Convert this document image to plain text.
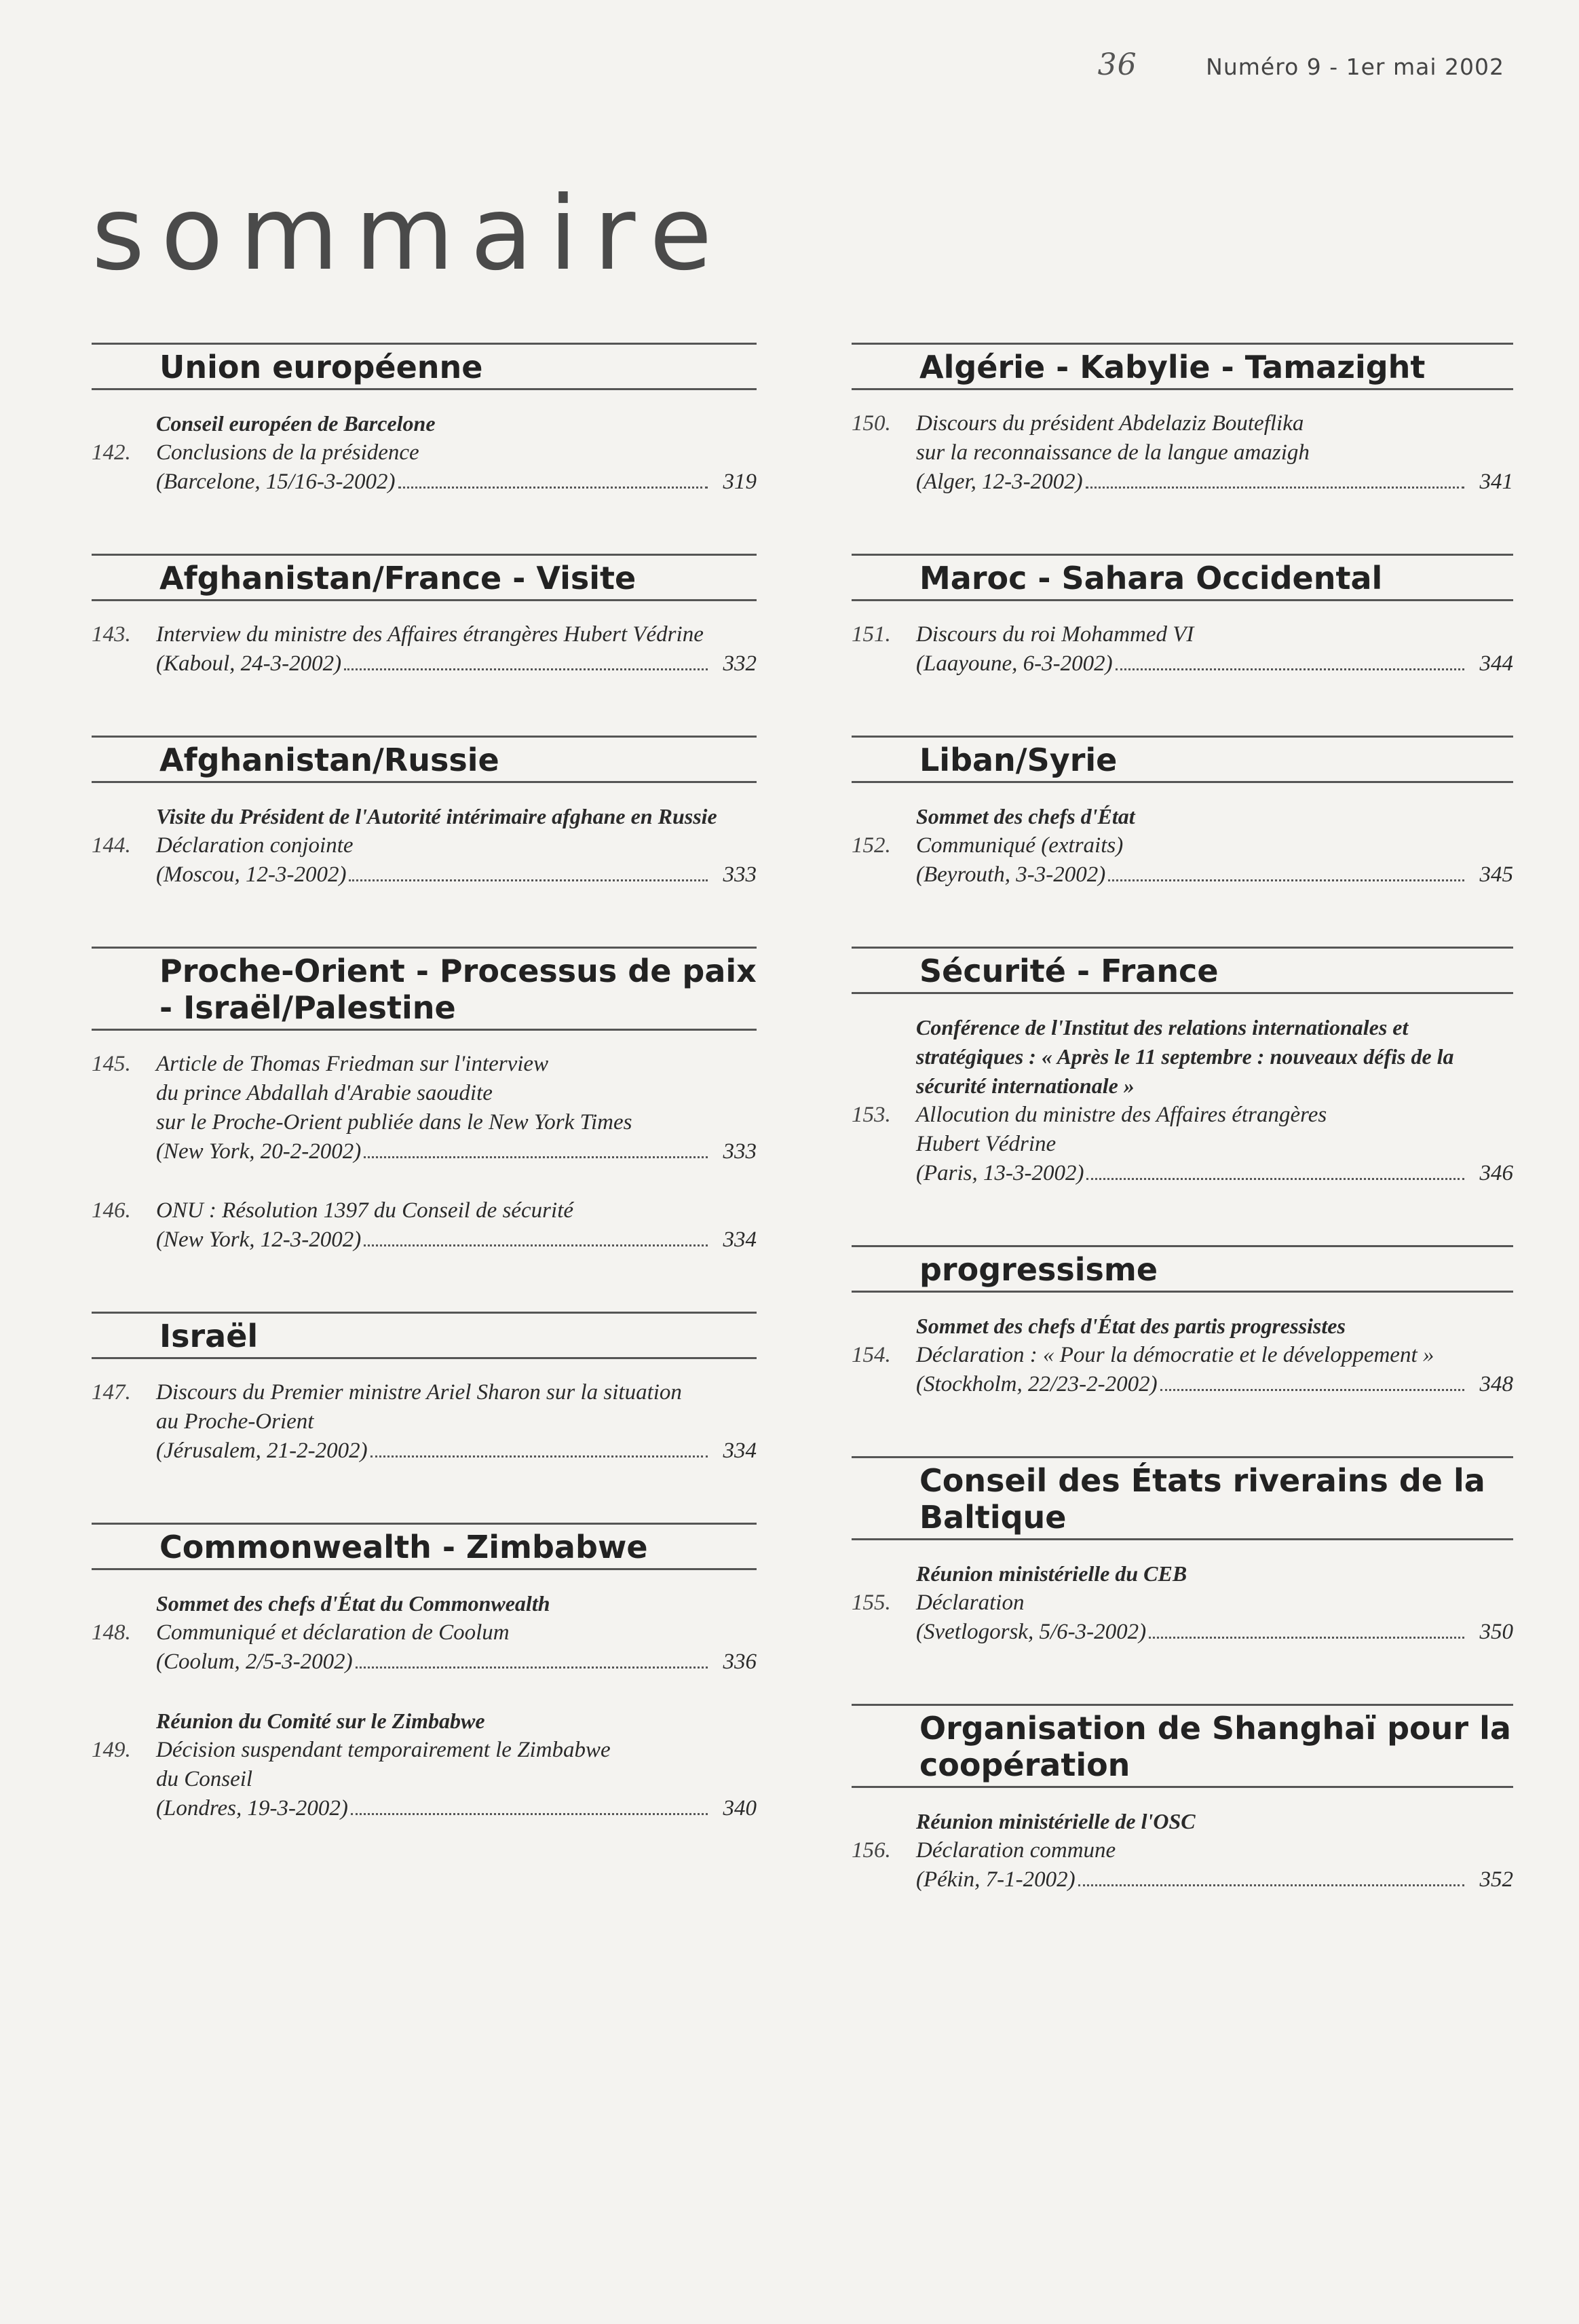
36	Numéro 9 - 1er mai 2002
sommaire
Union européenne
Conseil européen de Barcelone
142.	Conclusions de la présidence
(Barcelone, 15/16-3-2002)	319
Afghanistan/France - Visite
143.	Interview du ministre des Affaires étrangères Hubert Védrine
(Kaboul, 24-3-2002)	332
Afghanistan/Russie
Visite du Président de l'Autorité intérimaire afghane en Russie
144.	Déclaration conjointe
(Moscou, 12-3-2002)	333
Proche-Orient - Processus de paix - Israël/Palestine
145.	Article de Thomas Friedman sur l'interview
du prince Abdallah d'Arabie saoudite
sur le Proche-Orient publiée dans le New York Times
(New York, 20-2-2002)	333
146.	ONU : Résolution 1397 du Conseil de sécurité
(New York, 12-3-2002)	334
Israël
147.	Discours du Premier ministre Ariel Sharon sur la situation
au Proche-Orient
(Jérusalem, 21-2-2002)	334
Commonwealth - Zimbabwe
Sommet des chefs d'État du Commonwealth
148.	Communiqué et déclaration de Coolum
(Coolum, 2/5-3-2002)	336
Réunion du Comité sur le Zimbabwe
149.	Décision suspendant temporairement le Zimbabwe
du Conseil
(Londres, 19-3-2002)	340
Algérie - Kabylie - Tamazight
150.	Discours du président Abdelaziz Bouteflika
sur la reconnaissance de la langue amazigh
(Alger, 12-3-2002)	341
Maroc - Sahara Occidental
151.	Discours du roi Mohammed VI
(Laayoune, 6-3-2002)	344
Liban/Syrie
Sommet des chefs d'État
152.	Communiqué (extraits)
(Beyrouth, 3-3-2002)	345
Sécurité - France
Conférence de l'Institut des relations internationales et stratégiques : « Après le 11 septembre : nouveaux défis de la sécurité internationale »
153.	Allocution du ministre des Affaires étrangères
Hubert Védrine
(Paris, 13-3-2002)	346
progressisme
Sommet des chefs d'État des partis progressistes
154.	Déclaration : « Pour la démocratie et le développement »
(Stockholm, 22/23-2-2002)	348
Conseil des États riverains de la Baltique
Réunion ministérielle du CEB
155.	Déclaration
(Svetlogorsk, 5/6-3-2002)	350
Organisation de Shanghaï pour la coopération
Réunion ministérielle de l'OSC
156.	Déclaration commune
(Pékin, 7-1-2002)	352
